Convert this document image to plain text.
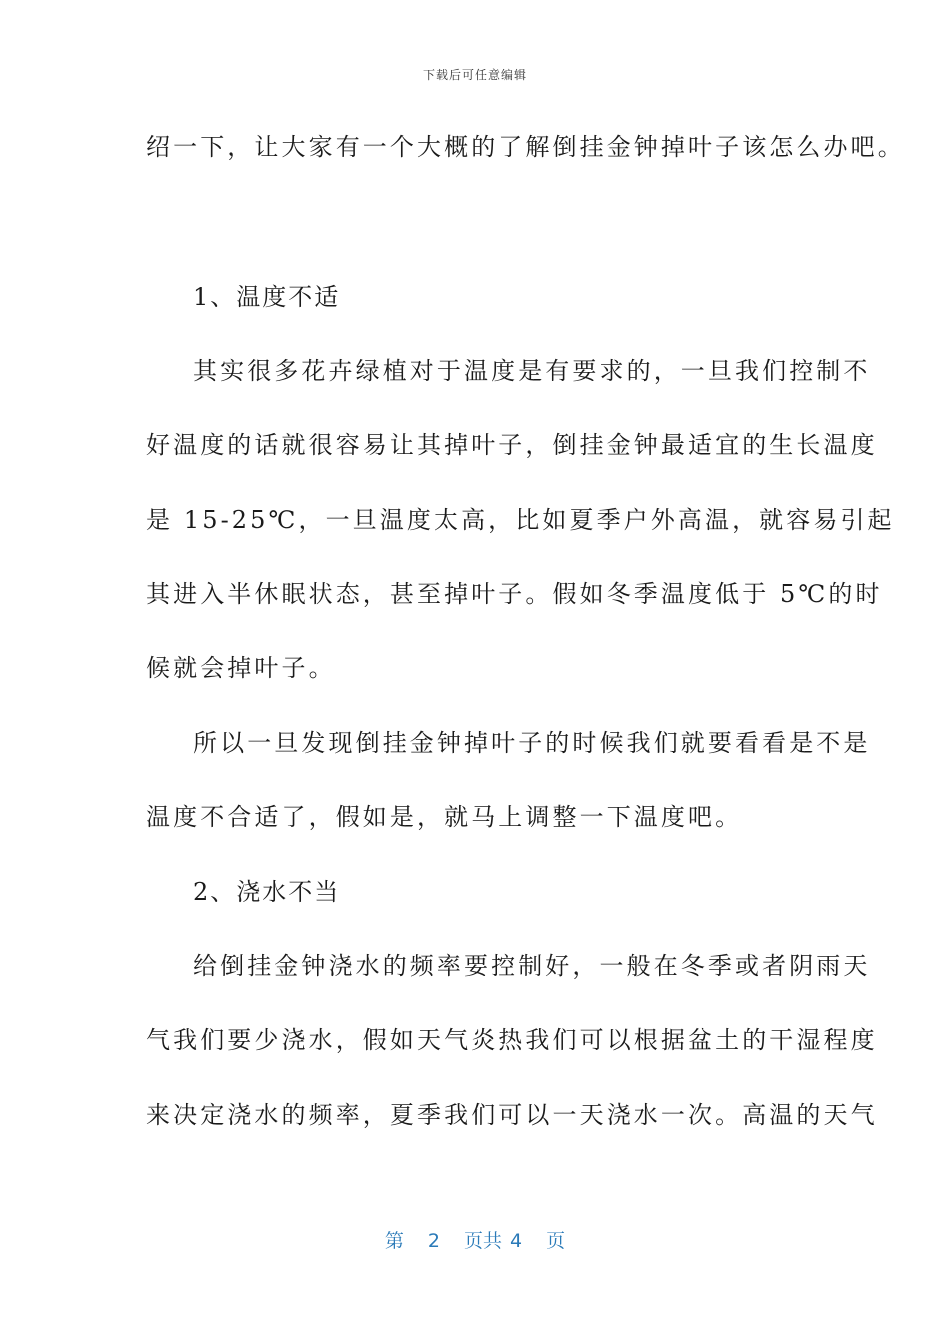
下载后可任意编辑
绍一下，让大家有一个大概的了解倒挂金钟掉叶子该怎么办吧。
1、温度不适
其实很多花卉绿植对于温度是有要求的，一旦我们控制不
好温度的话就很容易让其掉叶子，倒挂金钟最适宜的生长温度
是 15-25℃，一旦温度太高，比如夏季户外高温，就容易引起
其进入半休眠状态，甚至掉叶子。假如冬季温度低于 5℃的时
候就会掉叶子。
所以一旦发现倒挂金钟掉叶子的时候我们就要看看是不是
温度不合适了，假如是，就马上调整一下温度吧。
2、浇水不当
给倒挂金钟浇水的频率要控制好，一般在冬季或者阴雨天
气我们要少浇水，假如天气炎热我们可以根据盆土的干湿程度
来决定浇水的频率，夏季我们可以一天浇水一次。高温的天气
第 2 页共 4 页
